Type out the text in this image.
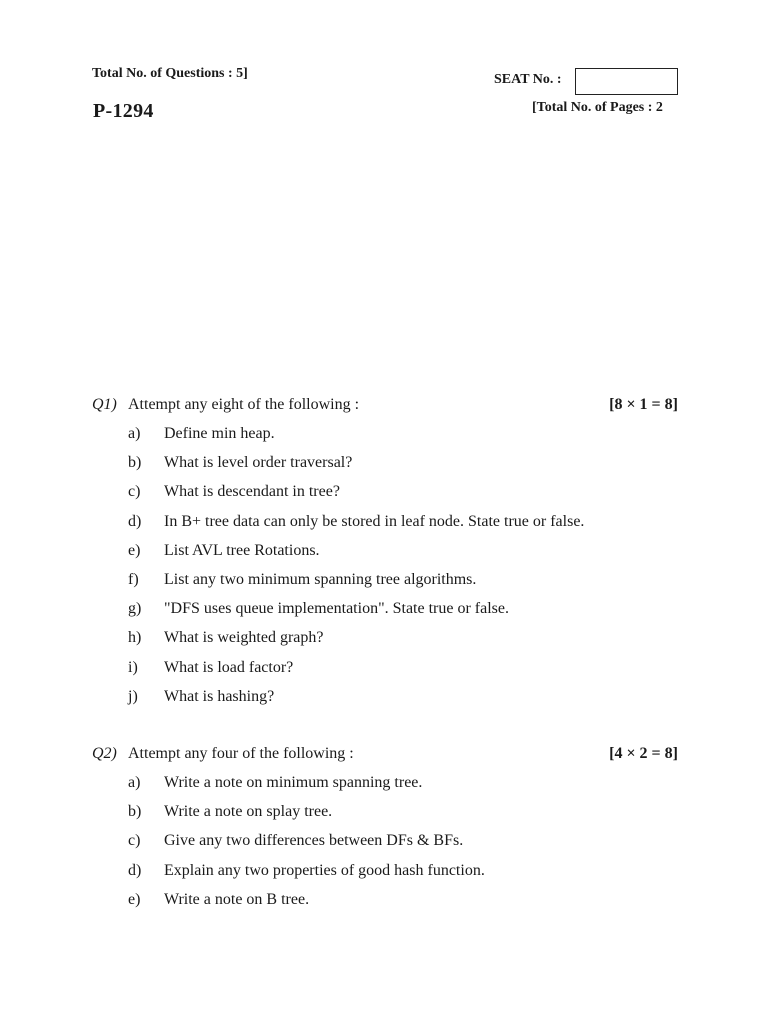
Total No. of Questions : 5]	SEAT No. :
P-1294	[Total No. of Pages : 2
Q1) Attempt any eight of the following :	[8 × 1 = 8]
a) Define min heap.
b) What is level order traversal?
c) What is descendant in tree?
d) In B+ tree data can only be stored in leaf node. State true or false.
e) List AVL tree Rotations.
f) List any two minimum spanning tree algorithms.
g) "DFS uses queue implementation". State true or false.
h) What is weighted graph?
i) What is load factor?
j) What is hashing?
Q2) Attempt any four of the following :	[4 × 2 = 8]
a) Write a note on minimum spanning tree.
b) Write a note on splay tree.
c) Give any two differences between DFs & BFs.
d) Explain any two properties of good hash function.
e) Write a note on B tree.
